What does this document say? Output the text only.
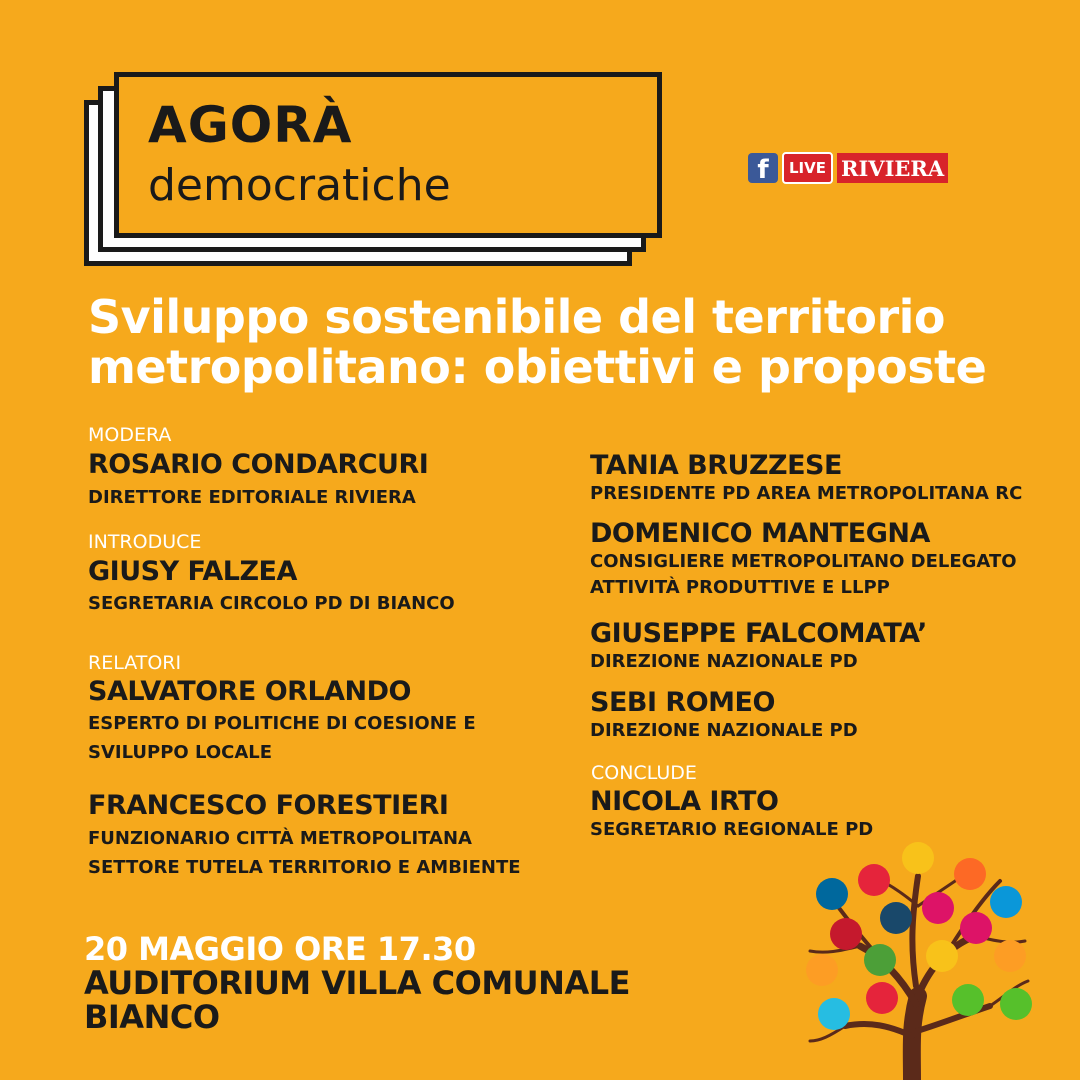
AGORÀ
democratiche	f	LIVE RIVIERA
Sviluppo sostenibile del territorio
metropolitano: obiettivi e proposte
MODERA
ROSARIO CONDARCURI
DIRETTORE EDITORIALE RIVIERA
INTRODUCE
GIUSY FALZEA
SEGRETARIA CIRCOLO PD DI BIANCO
RELATORI
SALVATORE ORLANDO
ESPERTO DI POLITICHE DI COESIONE E
SVILUPPO LOCALE
FRANCESCO FORESTIERI
FUNZIONARIO CITTÀ METROPOLITANA
SETTORE TUTELA TERRITORIO E AMBIENTE
TANIA BRUZZESE
PRESIDENTE PD AREA METROPOLITANA RC
DOMENICO MANTEGNA
CONSIGLIERE METROPOLITANO DELEGATO
ATTIVITÀ PRODUTTIVE E LLPP
GIUSEPPE FALCOMATA’
DIREZIONE NAZIONALE PD
SEBI ROMEO
DIREZIONE NAZIONALE PD
CONCLUDE
NICOLA IRTO
SEGRETARIO REGIONALE PD
20 MAGGIO ORE 17.30
AUDITORIUM VILLA COMUNALE
BIANCO
